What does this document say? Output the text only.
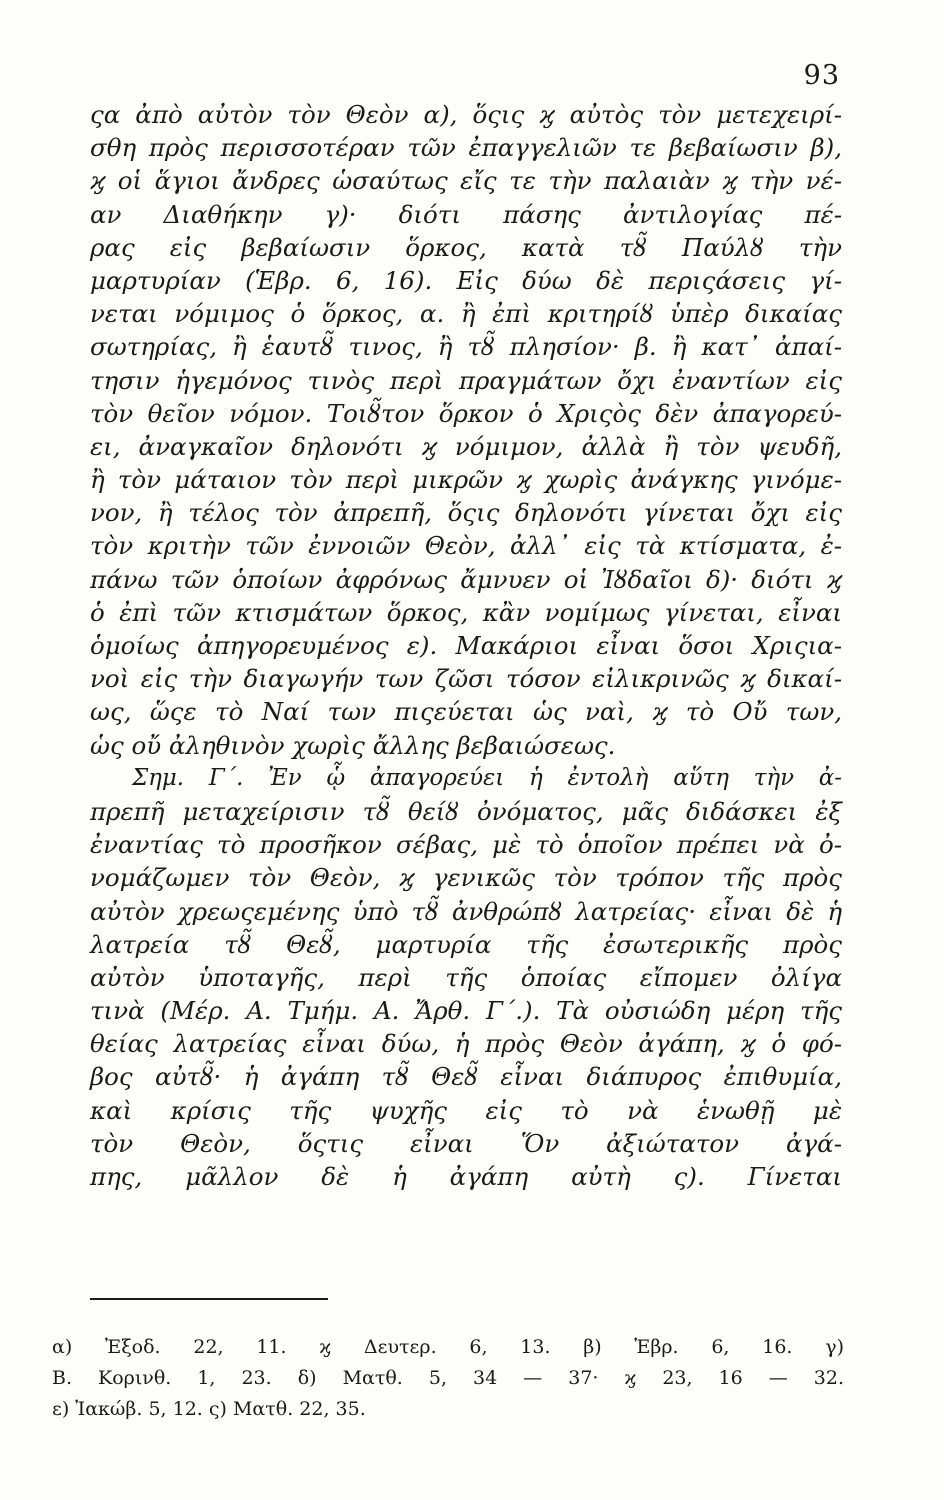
93
ςα ἀπὸ αὐτὸν τὸν Θεὸν α), ὅςις ϗ αὐτὸς τὸν μετεχειρί-
σθη πρὸς περισσοτέραν τῶν ἐπαγγελιῶν τε βεβαίωσιν β),
ϗ οἱ ἅγιοι ἄνδρες ὡσαύτως εἴς τε τὴν παλαιὰν ϗ τὴν νέ-
αν Διαθήκην γ)· διότι πάσης ἀντιλογίας πέ-
ρας εἰς βεβαίωσιν ὅρκος, κατὰ τȣ̃ Παύλȣ τὴν
μαρτυρίαν (Ἑβρ. 6, 16). Εἰς δύω δὲ περιςάσεις γί-
νεται νόμιμος ὁ ὅρκος, α. ἢ ἐπὶ κριτηρίȣ ὑπὲρ δικαίας
σωτηρίας, ἢ ἑαυτȣ̃ τινος, ἢ τȣ̃ πλησίον· β. ἢ κατ᾽ ἀπαί-
τησιν ἡγεμόνος τινὸς περὶ πραγμάτων ὄχι ἐναντίων εἰς
τὸν θεῖον νόμον. Τοιȣ̃τον ὅρκον ὁ Χριςὸς δὲν ἀπαγορεύ-
ει, ἀναγκαῖον δηλονότι ϗ νόμιμον, ἀλλὰ ἢ τὸν ψευδῆ,
ἢ τὸν μάταιον τὸν περὶ μικρῶν ϗ χωρὶς ἀνάγκης γινόμε-
νον, ἢ τέλος τὸν ἀπρεπῆ, ὅςις δηλονότι γίνεται ὄχι εἰς
τὸν κριτὴν τῶν ἐννοιῶν Θεὸν, ἀλλ᾽ εἰς τὰ κτίσματα, ἐ-
πάνω τῶν ὁποίων ἀφρόνως ἄμνυεν οἱ Ἰȣδαῖοι δ)· διότι ϗ
ὁ ἐπὶ τῶν κτισμάτων ὅρκος, κἂν νομίμως γίνεται, εἶναι
ὁμοίως ἀπηγορευμένος ε). Μακάριοι εἶναι ὅσοι Χριςια-
νοὶ εἰς τὴν διαγωγήν των ζῶσι τόσον εἰλικρινῶς ϗ δικαί-
ως, ὥςε τὸ Ναί των πιςεύεται ὡς ναὶ, ϗ τὸ Οὔ των,
ὡς οὔ ἀληθινὸν χωρὶς ἄλλης βεβαιώσεως.
Σημ. Γ΄. Ἐν ᾧ ἀπαγορεύει ἡ ἐντολὴ αὕτη τὴν ἀ-
πρεπῆ μεταχείρισιν τȣ̃ θείȣ ὀνόματος, μᾶς διδάσκει ἐξ
ἐναντίας τὸ προσῆκον σέβας, μὲ τὸ ὁποῖον πρέπει νὰ ὀ-
νομάζωμεν τὸν Θεὸν, ϗ γενικῶς τὸν τρόπον τῆς πρὸς
αὐτὸν χρεωςεμένης ὑπὸ τȣ̃ ἀνθρώπȣ λατρείας· εἶναι δὲ ἡ
λατρεία τȣ̃ Θεȣ̃, μαρτυρία τῆς ἐσωτερικῆς πρὸς
αὐτὸν ὑποταγῆς, περὶ τῆς ὁποίας εἴπομεν ὀλίγα
τινὰ (Μέρ. Α. Τμήμ. Α. Ἄρθ. Γ΄.). Τὰ οὐσιώδη μέρη τῆς
θείας λατρείας εἶναι δύω, ἡ πρὸς Θεὸν ἀγάπη, ϗ ὁ φό-
βος αὐτȣ̃· ἡ ἀγάπη τȣ̃ Θεȣ̃ εἶναι διάπυρος ἐπιθυμία,
καὶ κρίσις τῆς ψυχῆς εἰς τὸ νὰ ἑνωθῇ μὲ
τὸν Θεὸν, ὅςτις εἶναι Ὅν ἀξιώτατον ἀγά-
πης, μᾶλλον δὲ ἡ ἀγάπη αὐτὴ ς). Γίνεται
α) Ἐξοδ. 22, 11. ϗ Δευτερ. 6, 13. β) Ἑβρ. 6, 16. γ)
Β. Κορινθ. 1, 23. δ) Ματθ. 5, 34 — 37· ϗ 23, 16 — 32.
ε) Ἰακώβ. 5, 12. ς) Ματθ. 22, 35.
